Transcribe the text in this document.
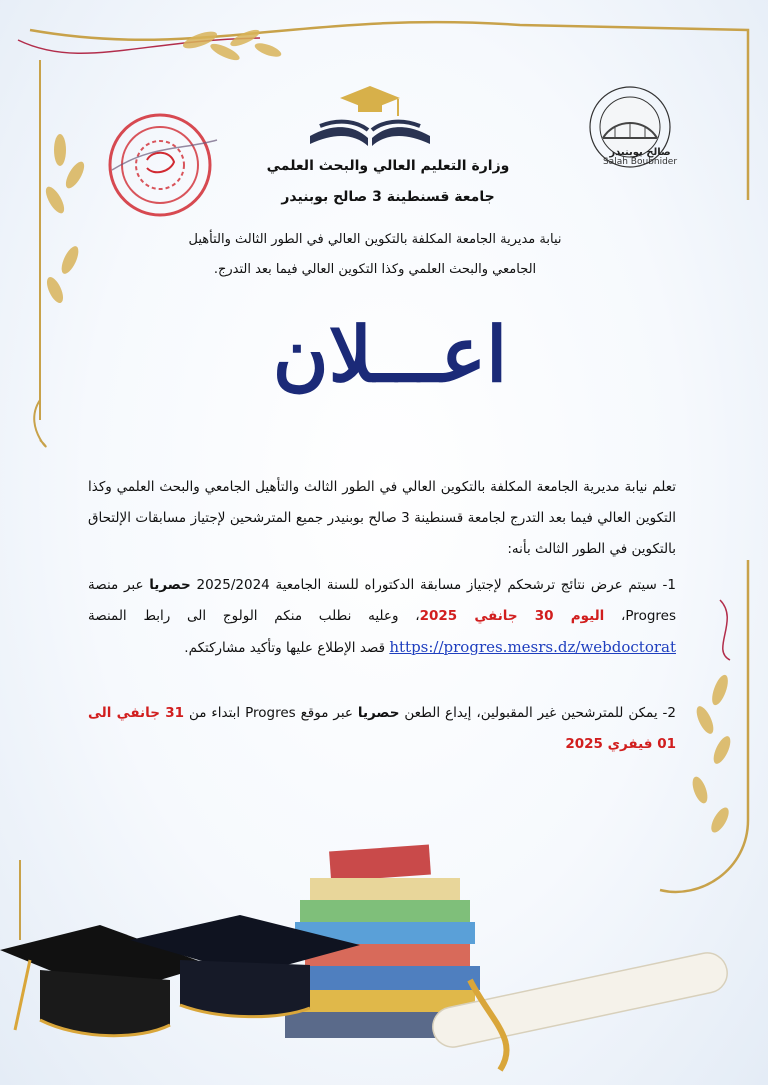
صالح بوبنيدر
Salah Boubnider
وزارة التعليم العالي والبحث العلمي
جامعة قسنطينة 3 صالح بوبنيدر
نيابة مديرية الجامعة المكلفة بالتكوين العالي في الطور الثالث والتأهيل
الجامعي والبحث العلمي وكذا التكوين العالي فيما بعد التدرج.
اعـــلان
تعلم نيابة مديرية الجامعة المكلفة بالتكوين العالي في الطور الثالث والتأهيل الجامعي والبحث العلمي وكذا التكوين العالي فيما بعد التدرج لجامعة قسنطينة 3 صالح بوبنيدر جميع المترشحين لإجتياز مسابقات الإلتحاق بالتكوين في الطور الثالث بأنه:
1- سيتم عرض نتائج ترشحكم لإجتياز مسابقة الدكتوراه للسنة الجامعية 2025/2024 حصريا عبر منصة Progres، اليوم 30 جانفي 2025، وعليه نطلب منكم الولوج الى رابط المنصة https://progres.mesrs.dz/webdoctorat قصد الإطلاع عليها وتأكيد مشاركتكم.
2- يمكن للمترشحين غير المقبولين، إيداع الطعن حصريا عبر موقع Progres ابتداء من 31 جانفي الى 01 فيفري 2025
